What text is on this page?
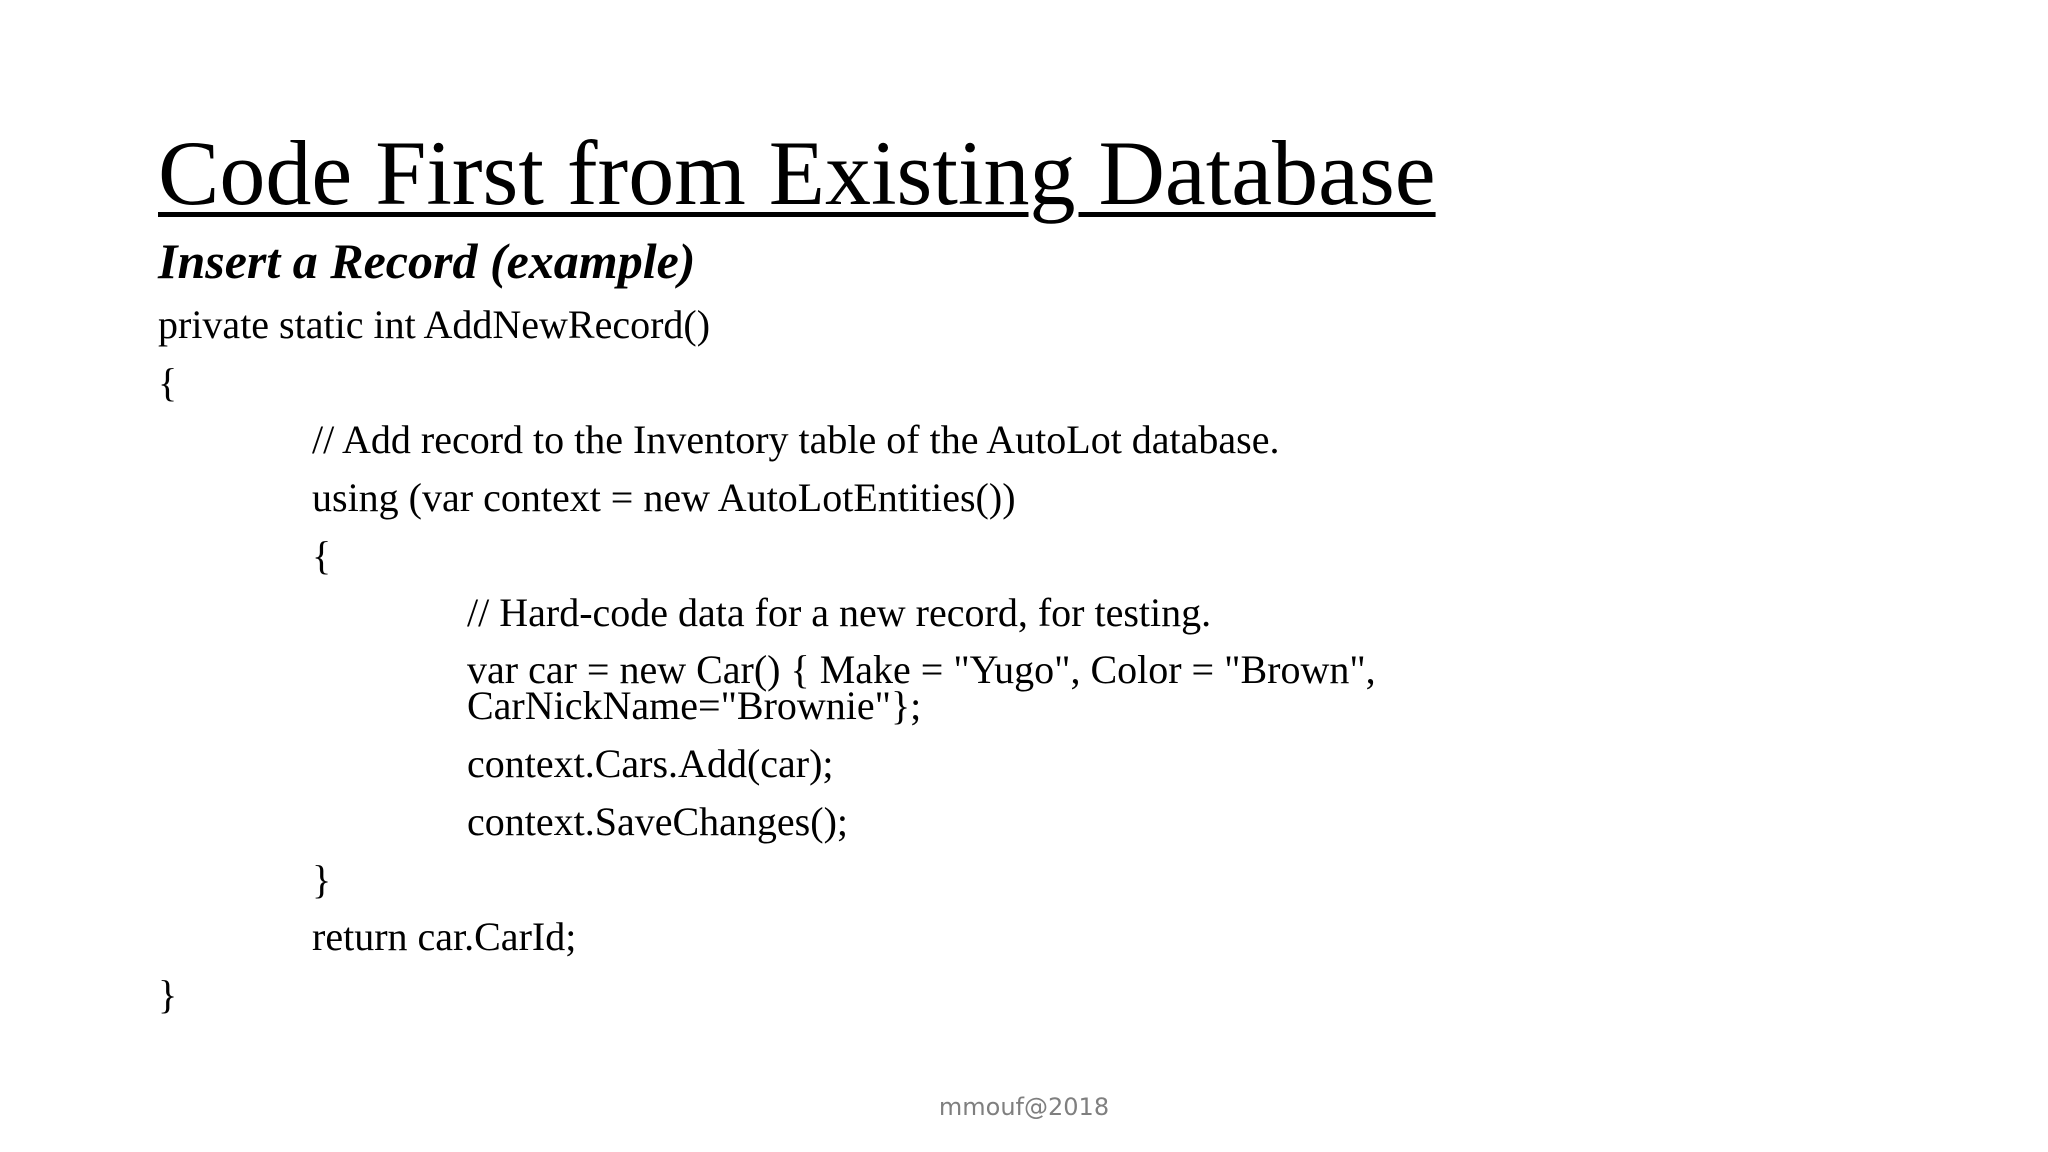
Code First from Existing Database
Insert a Record (example)

private static int AddNewRecord()

{

// Add record to the Inventory table of the AutoLot database.

using (var context = new AutoLotEntities())

{

// Hard-code data for a new record, for testing.

var car = new Car() { Make = "Yugo", Color = "Brown",

CarNickName="Brownie"};

context.Cars.Add(car);

context.SaveChanges();

}

return car.CarId;

}

mmouf@2018
